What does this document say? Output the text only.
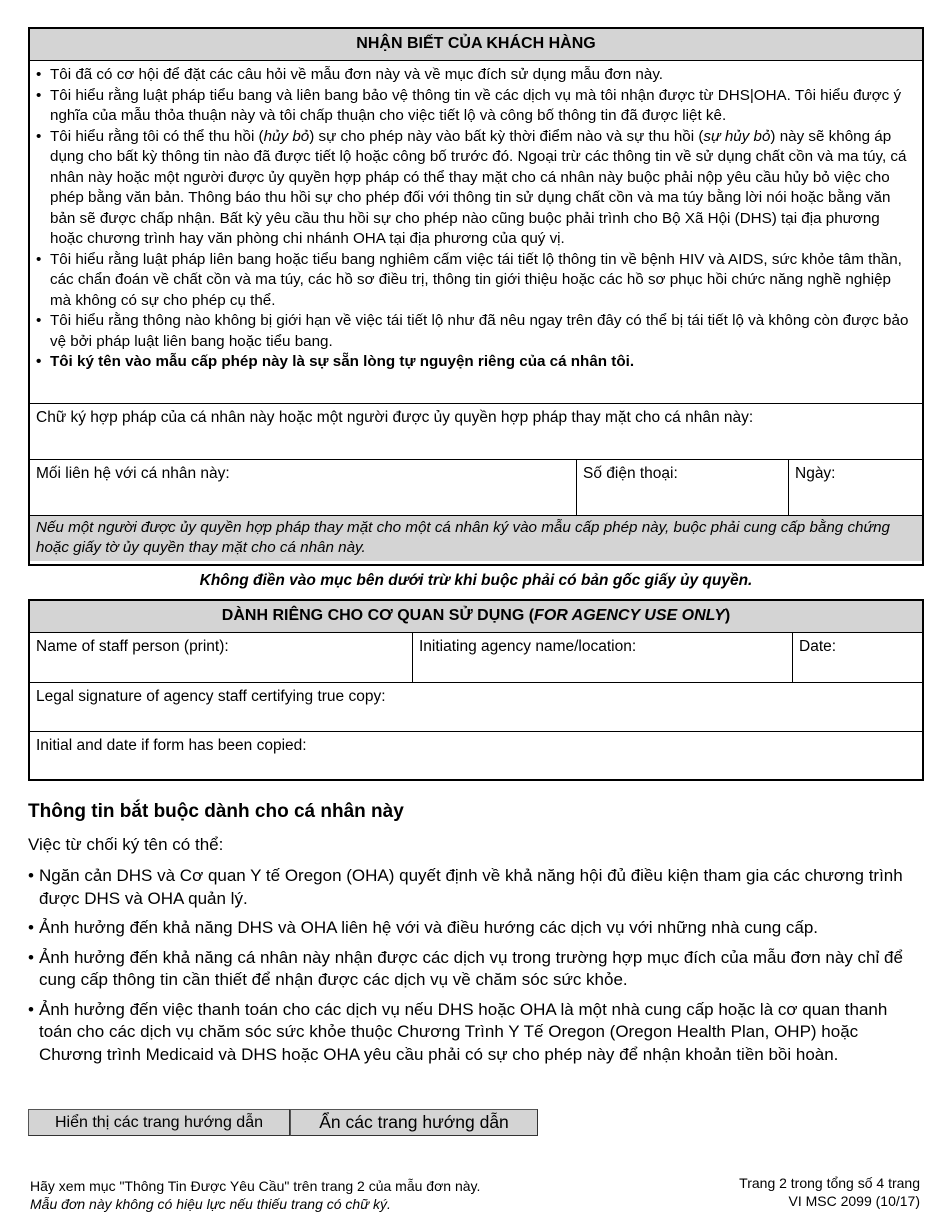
NHẬN BIẾT CỦA KHÁCH HÀNG
• Tôi đã có cơ hội để đặt các câu hỏi về mẫu đơn này và về mục đích sử dụng mẫu đơn này.
• Tôi hiểu rằng luật pháp tiểu bang và liên bang bảo vệ thông tin về các dịch vụ mà tôi nhận được từ DHS|OHA. Tôi hiểu được ý nghĩa của mẫu thỏa thuận này và tôi chấp thuận cho việc tiết lộ và công bố thông tin đã được liệt kê.
• Tôi hiểu rằng tôi có thể thu hồi (hủy bỏ) sự cho phép này vào bất kỳ thời điểm nào và sự thu hồi (sự hủy bỏ) này sẽ không áp dụng cho bất kỳ thông tin nào đã được tiết lộ hoặc công bố trước đó. Ngoại trừ các thông tin về sử dụng chất cồn và ma túy, cá nhân này hoặc một người được ủy quyền hợp pháp có thể thay mặt cho cá nhân này buộc phải nộp yêu cầu hủy bỏ việc cho phép bằng văn bản. Thông báo thu hồi sự cho phép đối với thông tin sử dụng chất cồn và ma túy bằng lời nói hoặc bằng văn bản sẽ được chấp nhận. Bất kỳ yêu cầu thu hồi sự cho phép nào cũng buộc phải trình cho Bộ Xã Hội (DHS) tại địa phương hoặc chương trình hay văn phòng chi nhánh OHA tại địa phương của quý vị.
• Tôi hiểu rằng luật pháp liên bang hoặc tiểu bang nghiêm cấm việc tái tiết lộ thông tin về bệnh HIV và AIDS, sức khỏe tâm thần, các chẩn đoán về chất cồn và ma túy, các hồ sơ điều trị, thông tin giới thiệu hoặc các hồ sơ phục hồi chức năng nghề nghiệp mà không có sự cho phép cụ thể.
• Tôi hiểu rằng thông nào không bị giới hạn về việc tái tiết lộ như đã nêu ngay trên đây có thể bị tái tiết lộ và không còn được bảo vệ bởi pháp luật liên bang hoặc tiểu bang.
• Tôi ký tên vào mẫu cấp phép này là sự sẵn lòng tự nguyện riêng của cá nhân tôi.
Chữ ký hợp pháp của cá nhân này hoặc một người được ủy quyền hợp pháp thay mặt cho cá nhân này:
Mối liên hệ với cá nhân này:	Số điện thoại:	Ngày:
Nếu một người được ủy quyền hợp pháp thay mặt cho một cá nhân ký vào mẫu cấp phép này, buộc phải cung cấp bằng chứng hoặc giấy tờ ủy quyền thay mặt cho cá nhân này.
Không điền vào mục bên dưới trừ khi buộc phải có bản gốc giấy ủy quyền.
DÀNH RIÊNG CHO CƠ QUAN SỬ DỤNG (FOR AGENCY USE ONLY)
Name of staff person (print):	Initiating agency name/location:	Date:
Legal signature of agency staff certifying true copy:
Initial and date if form has been copied:
Thông tin bắt buộc dành cho cá nhân này
Việc từ chối ký tên có thể:
• Ngăn cản DHS và Cơ quan Y tế Oregon (OHA) quyết định về khả năng hội đủ điều kiện tham gia các chương trình được DHS và OHA quản lý.
• Ảnh hưởng đến khả năng DHS và OHA liên hệ với và điều hướng các dịch vụ với những nhà cung cấp.
• Ảnh hưởng đến khả năng cá nhân này nhận được các dịch vụ trong trường hợp mục đích của mẫu đơn này chỉ để cung cấp thông tin cần thiết để nhận được các dịch vụ về chăm sóc sức khỏe.
• Ảnh hưởng đến việc thanh toán cho các dịch vụ nếu DHS hoặc OHA là một nhà cung cấp hoặc là cơ quan thanh toán cho các dịch vụ chăm sóc sức khỏe thuộc Chương Trình Y Tế Oregon (Oregon Health Plan, OHP) hoặc Chương trình Medicaid và DHS hoặc OHA yêu cầu phải có sự cho phép này để nhận khoản tiền bồi hoàn.
Hiển thị các trang hướng dẫn	Ẩn các trang hướng dẫn
Hãy xem mục "Thông Tin Được Yêu Cầu" trên trang 2 của mẫu đơn này.
Mẫu đơn này không có hiệu lực nếu thiếu trang có chữ ký.
Trang 2 trong tổng số 4 trang
VI MSC 2099 (10/17)
